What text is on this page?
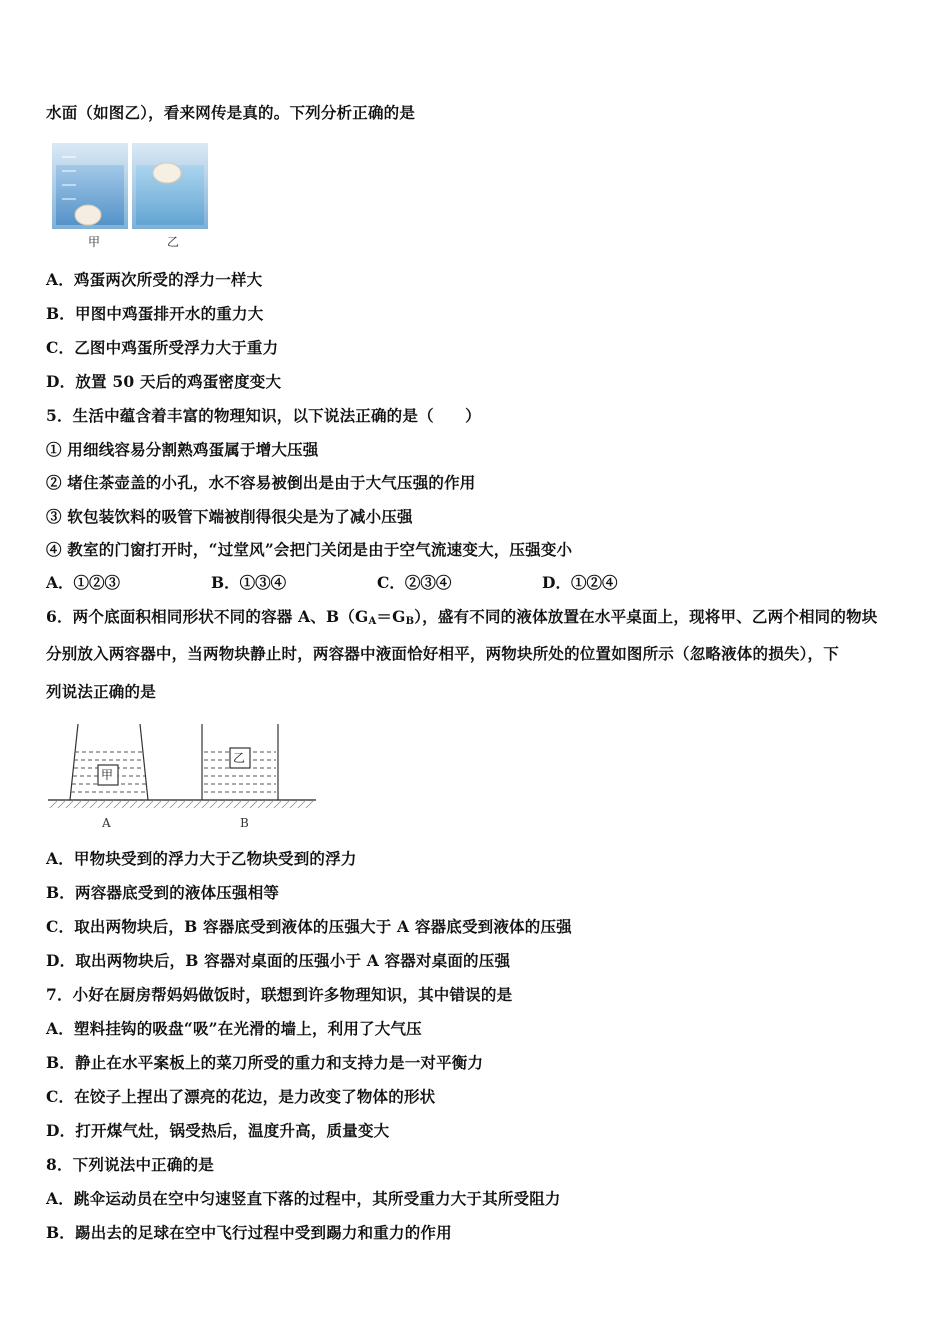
水面（如图乙），看来网传是真的。下列分析正确的是
甲	乙
A．鸡蛋两次所受的浮力一样大
B．甲图中鸡蛋排开水的重力大
C．乙图中鸡蛋所受浮力大于重力
D．放置 50 天后的鸡蛋密度变大
5．生活中蕴含着丰富的物理知识，以下说法正确的是（　　）
① 用细线容易分割熟鸡蛋属于增大压强
② 堵住茶壶盖的小孔，水不容易被倒出是由于大气压强的作用
③ 软包装饮料的吸管下端被削得很尖是为了减小压强
④ 教室的门窗打开时，“过堂风”会把门关闭是由于空气流速变大，压强变小
A．①②③	B．①③④	C．②③④	D．①②④
6．两个底面积相同形状不同的容器 A、$B(G_A=G_B)$，盛有不同的液体放置在水平桌面上，现将甲、乙两个相同的物块
分别放入两容器中，当两物块静止时，两容器中液面恰好相平，两物块所处的位置如图所示（忽略液体的损失），下
列说法正确的是
甲
乙
A	B
A．甲物块受到的浮力大于乙物块受到的浮力
B．两容器底受到的液体压强相等
C．取出两物块后，B 容器底受到液体的压强大于 A 容器底受到液体的压强
D．取出两物块后，B 容器对桌面的压强小于 A 容器对桌面的压强
7．小好在厨房帮妈妈做饭时，联想到许多物理知识，其中错误的是
A．塑料挂钩的吸盘“吸”在光滑的墙上，利用了大气压
B．静止在水平案板上的菜刀所受的重力和支持力是一对平衡力
C．在饺子上捏出了漂亮的花边，是力改变了物体的形状
D．打开煤气灶，锅受热后，温度升高，质量变大
8．下列说法中正确的是
A．跳伞运动员在空中匀速竖直下落的过程中，其所受重力大于其所受阻力
B．踢出去的足球在空中飞行过程中受到踢力和重力的作用
